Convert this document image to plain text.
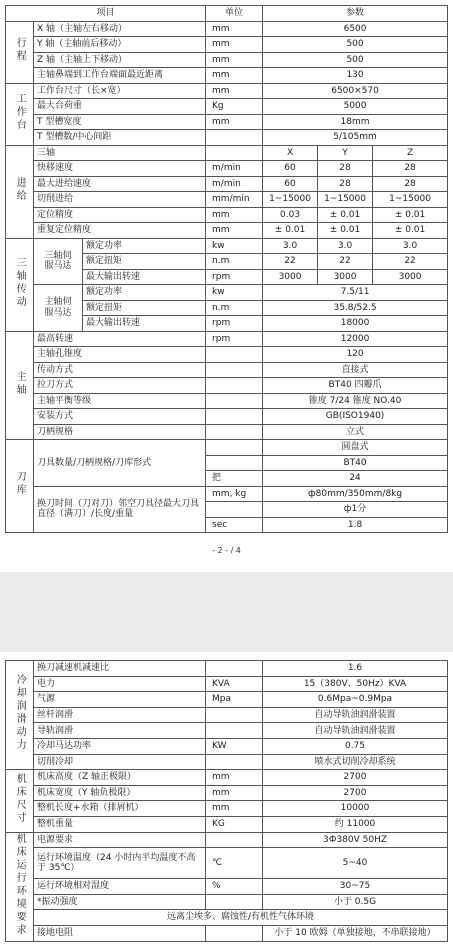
项目			单位	参数		
行程	X 轴（主轴左右移动）		mm	6500		
	Y 轴（主轴前后移动）		mm	500		
	Z 轴（主轴上下移动）		mm	500		
	主轴鼻端到工作台端面最近距离		mm	130		
工作台	工作台尺寸（长×宽）		mm	6500×570		
	最大台荷重		Kg	5000		
	T 型槽宽度		mm	18mm		
	T 型槽数/中心间距			5/105mm		
进给	三轴			X	Y	Z
	快移速度		m/min	60	28	28
	最大进给速度		m/min	60	28	28
	切削进给		mm/min	1~15000	1~15000	1~15000
	定位精度		mm	0.03	± 0.01	± 0.01
	重复定位精度		mm	± 0.01	± 0.01	± 0.01
三轴传动	三轴伺服马达	额定功率	kw	3.0	3.0	3.0
		额定扭矩	n.m	22	22	22
		最大输出转速	rpm	3000	3000	3000
	主轴伺服马达	额定功率	kw	7.5/11		
		额定扭矩	n.m	35.8/52.5		
		最大输出转速	rpm	18000		
主轴	最高转速		rpm	12000		
	主轴孔锥度			120		
	传动方式			直接式		
	拉刀方式			BT40 四瓣爪		
	主轴平衡等级			锥度 7/24 锥度 NO.40		
	安装方式			GB(ISO1940)		
	刀柄规格			立式		
刀库	刀具数量/刀柄规格/刀库形式			圆盘式		
				BT40		
			把	24		
	换刀时间（刀对刀）邻空刀具径最大刀具直径（满刀）/长度/重量		mm, kg	ф80mm/350mm/8kg		
				ф1分		
			sec	1.8		
- 2 - / 4
冷却润滑动力	换刀减速机减速比		1.6
	电力	KVA	15（380V、50Hz）KVA
	气源	Mpa	0.6Mpa~0.9Mpa
	丝杆润滑		自动导轨油润滑装置
	导轨润滑		自动导轨油润滑装置
	冷却马达功率	KW	0.75
	切削冷却		喷水式切削冷却系统
机床尺寸	机床高度（Z 轴正极限）	mm	2700
	机床宽度（Y 轴负极限）	mm	2700
	整机长度+水箱（排屑机）	mm	10000
	整机重量	KG	约 11000
机床运行环境要求	电源要求		3Ф380V 50HZ
	运行环境温度（24 小时内平均温度不高于 35℃）	℃	5~40
	运行环境相对湿度	%	30~75
	*振动强度		小于 0.5G
	远离尘埃多、腐蚀性/有机性气体环境		
	接地电阻		小于 10 欧姆（单独接地，不串联接地）
